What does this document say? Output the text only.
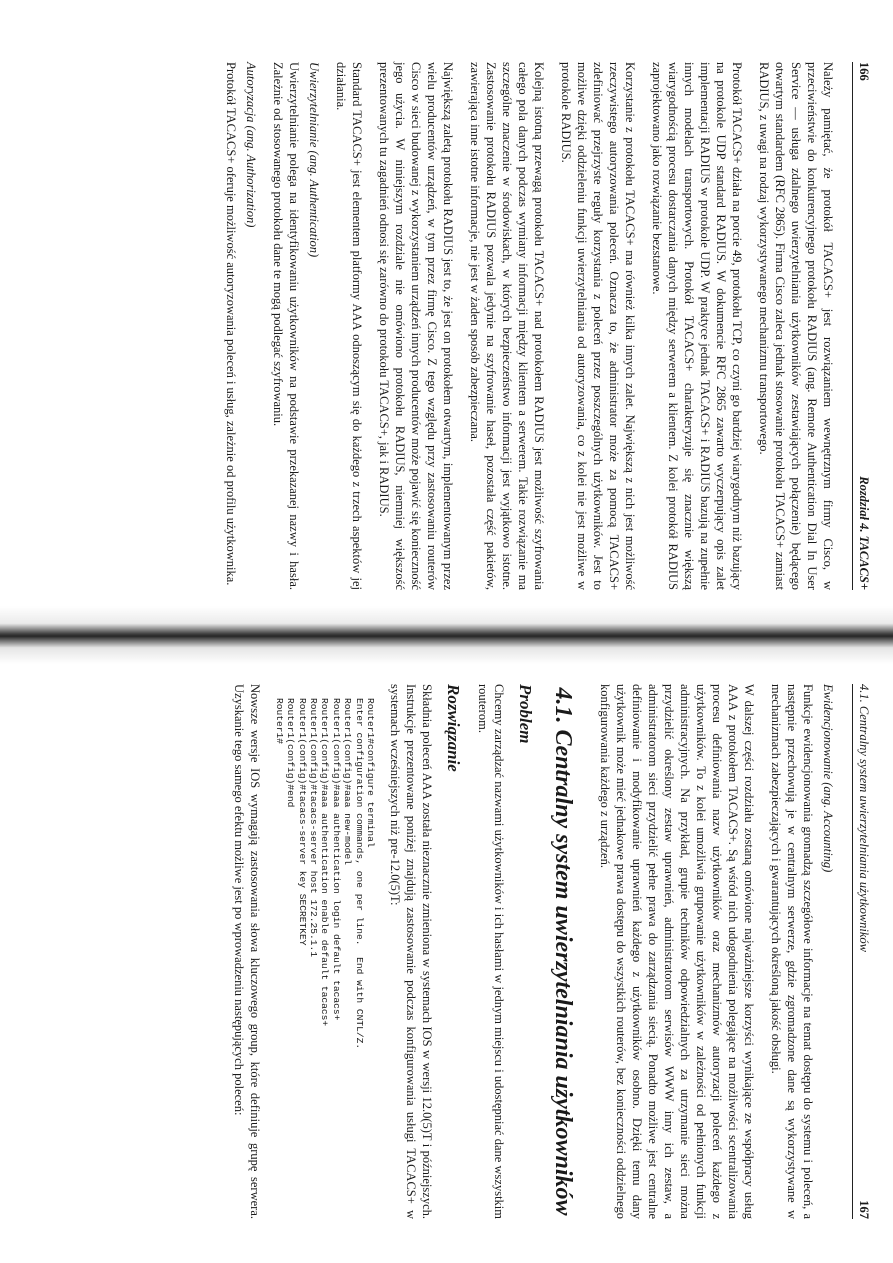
166
Rozdział 4. TACACS+

Należy pamiętać, że protokół TACACS+ jest rozwiązaniem wewnętrznym firmy Cisco, w przeciwieństwie do konkurencyjnego protokołu RADIUS (ang. Remote Authentication Dial In User Service — usługa zdalnego uwierzytelniania użytkowników zestawiających połączenie) będącego otwartym standardem (RFC 2865). Firma Cisco zaleca jednak stosowanie protokołu TACACS+ zamiast RADIUS, z uwagi na rodzaj wykorzystywanego mechanizmu transportowego.

Protokół TACACS+ działa na porcie 49, protokołu TCP, co czyni go bardziej wiarygodnym niż bazujący na protokole UDP standard RADIUS. W dokumencie RFC 2865 zawarto wyczerpujący opis zalet implementacji RADIUS w protokole UDP. W praktyce jednak TACACS+ i RADIUS bazują na zupełnie innych modelach transportowych. Protokół TACACS+ charakteryzuje się znacznie większą wiarygodnością procesu dostarczania danych między serwerem a klientem. Z kolei protokół RADIUS zaprojektowano jako rozwiązanie bezstanowe.

Korzystanie z protokołu TACACS+ ma również kilka innych zalet. Największą z nich jest możliwość rzeczywistego autoryzowania poleceń. Oznacza to, że administrator może za pomocą TACACS+ zdefiniować przejrzyste reguły korzystania z poleceń przez poszczególnych użytkowników. Jest to możliwe dzięki oddzieleniu funkcji uwierzytelniania od autoryzowania, co z kolei nie jest możliwe w protokole RADIUS.

Kolejną istotną przewagą protokołu TACACS+ nad protokołem RADIUS jest możliwość szyfrowania całego pola danych podczas wymiany informacji między klientem a serwerem. Takie rozwiązanie ma szczególne znaczenie w środowiskach, w których bezpieczeństwo informacji jest wyjątkowo istotne. Zastosowanie protokołu RADIUS pozwala jedynie na szyfrowanie haseł, pozostała część pakietów, zawierająca inne istotne informacje, nie jest w żaden sposób zabezpieczana.

Największą zaletą protokołu RADIUS jest to, że jest on protokołem otwartym, implementowanym przez wielu producentów urządzeń, w tym przez firmę Cisco. Z tego względu przy zastosowaniu routerów Cisco w sieci budowanej z wykorzystaniem urządzeń innych producentów może pojawić się konieczność jego użycia. W niniejszym rozdziale nie omówiono protokołu RADIUS, niemniej większość prezentowanych tu zagadnień odnosi się zarówno do protokołu TACACS+, jak i RADIUS.

Standard TACACS+ jest elementem platformy AAA odnoszącym się do każdego z trzech aspektów jej działania.

Uwierzytelnianie (ang. Authentication)

Uwierzytelnianie polega na identyfikowaniu użytkowników na podstawie przekazanej nazwy i hasła. Zależnie od stosowanego protokołu dane te mogą podlegać szyfrowaniu.

Autoryzacja (ang. Authorization)

Protokół TACACS+ oferuje możliwość autoryzowania poleceń i usług, zależnie od profilu użytkownika.

4.1. Centralny system uwierzytelniania użytkowników
167

Ewidencjonowanie (ang. Accounting)

Funkcje ewidencjonowania gromadzą szczegółowe informacje na temat dostępu do systemu i poleceń, a następnie przechowują je w centralnym serwerze, gdzie zgromadzone dane są wykorzystywane w mechanizmach zabezpieczających i gwarantujących określoną jakość obsługi.

W dalszej części rozdziału zostaną omówione najważniejsze korzyści wynikające ze współpracy usług AAA z protokołem TACACS+. Są wśród nich udogodnienia polegające na możliwości scentralizowania procesu definiowania nazw użytkowników oraz mechanizmów autoryzacji poleceń każdego z użytkowników. To z kolei umożliwia grupowanie użytkowników w zależności od pełnionych funkcji administracyjnych. Na przykład, grupie techników odpowiedzialnych za utrzymanie sieci można przydzielić określony zestaw uprawnień, administratorom serwisów WWW inny ich zestaw, a administratorom sieci przydzielić pełne prawa do zarządzania siecią. Ponadto możliwe jest centralne definiowanie i modyfikowanie uprawnień każdego z użytkowników osobno. Dzięki temu dany użytkownik może mieć jednakowe prawa dostępu do wszystkich routerów, bez konieczności oddzielnego konfigurowania każdego z urządzeń.

4.1. Centralny system uwierzytelniania użytkowników
Problem

Chcemy zarządzać nazwami użytkowników i ich hasłami w jednym miejscu i udostępniać dane wszystkim routerom.

Rozwiązanie

Składnia poleceń AAA została nieznacznie zmieniona w systemach IOS w wersji 12.0(5)T i późniejszych. Instrukcje prezentowane poniżej znajdują zastosowanie podczas konfigurowania usługi TACACS+ w systemach wcześniejszych niż pre-12.0(5)T:

Router1#configure terminal
Enter configuration commands, one per line.  End with CNTL/Z.
Router1(config)#aaa new-model
Router1(config)#aaa authentication login default tacacs+
Router1(config)#aaa authentication enable default tacacs+
Router1(config)#tacacs-server host 172.25.1.1
Router1(config)#tacacs-server key SECRETKEY
Router1(config)#end
Router1#

Nowsze wersje IOS wymagają zastosowania słowa kluczowego group, które definiuje grupę serwera. Uzyskanie tego samego efektu możliwe jest po wprowadzeniu następujących poleceń:
